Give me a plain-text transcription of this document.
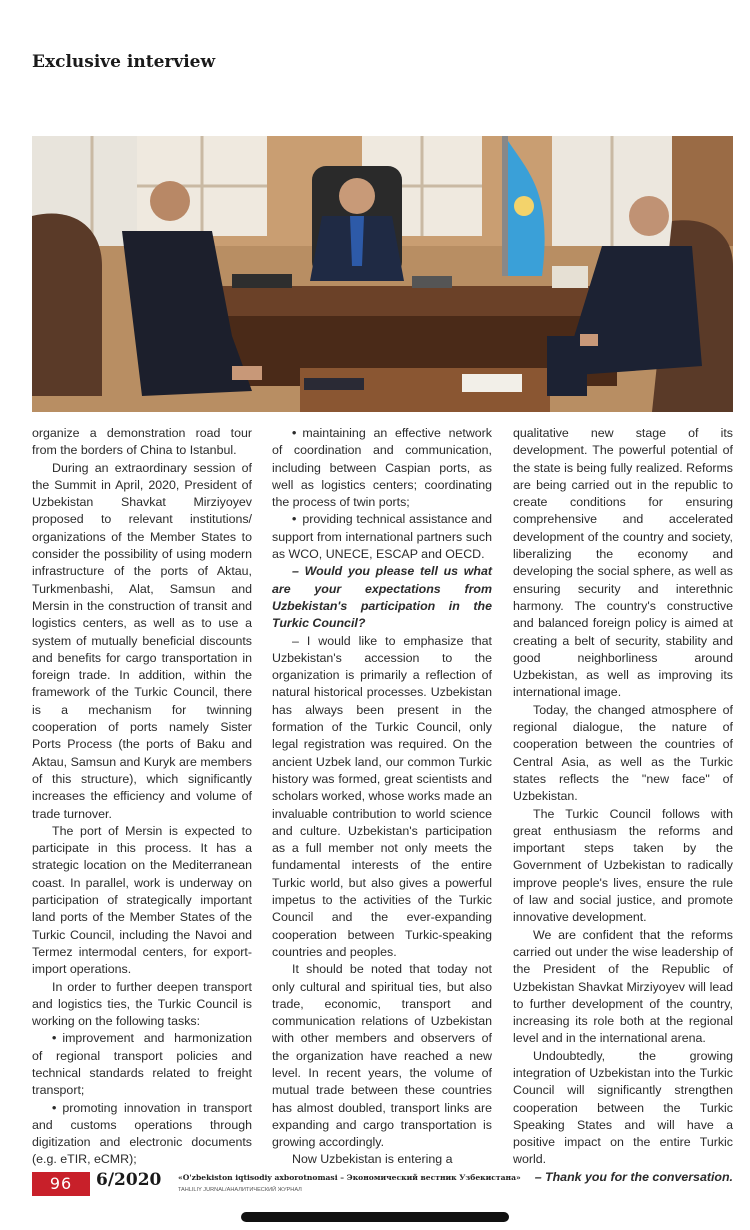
Exclusive interview

organize a demonstration road tour from the borders of China to Istanbul.

During an extraordinary session of the Summit in April, 2020, President of Uzbekistan Shavkat Mirziyoyev proposed to relevant institutions/ organizations of the Member States to consider the possibility of using modern infrastructure of the ports of Aktau, Turkmenbashi, Alat, Samsun and Mersin in the construction of transit and logistics centers, as well as to use a system of mutually beneficial discounts and benefits for cargo transportation in foreign trade. In addition, within the framework of the Turkic Council, there is a mechanism for twinning cooperation of ports namely Sister Ports Process (the ports of Baku and Aktau, Samsun and Kuryk are members of this structure), which significantly increases the efficiency and volume of trade turnover.

The port of Mersin is expected to participate in this process. It has a strategic location on the Mediterranean coast. In parallel, work is underway on participation of strategically important land ports of the Member States of the Turkic Council, including the Navoi and Termez intermodal centers, for export-import operations.

In order to further deepen transport and logistics ties, the Turkic Council is working on the following tasks:

• improvement and harmonization of regional transport policies and technical standards related to freight transport;

• promoting innovation in transport and customs operations through digitization and electronic documents (e.g. eTIR, eCMR);

• maintaining an effective network of coordination and communication, including between Caspian ports, as well as logistics centers; coordinating the process of twin ports;

• providing technical assistance and support from international partners such as WCO, UNECE, ESCAP and OECD.

– Would you please tell us what are your expectations from Uzbekistan's participation in the Turkic Council?

– I would like to emphasize that Uzbekistan's accession to the organization is primarily a reflection of natural historical processes. Uzbekistan has always been present in the formation of the Turkic Council, only legal registration was required. On the ancient Uzbek land, our common Turkic history was formed, great scientists and scholars worked, whose works made an invaluable contribution to world science and culture. Uzbekistan's participation as a full member not only meets the fundamental interests of the entire Turkic world, but also gives a powerful impetus to the activities of the Turkic Council and the ever-expanding cooperation between Turkic-speaking countries and peoples.

It should be noted that today not only cultural and spiritual ties, but also trade, economic, transport and communication relations of Uzbekistan with other members and observers of the organization have reached a new level. In recent years, the volume of mutual trade between these countries has almost doubled, transport links are expanding and cargo transportation is growing accordingly.

Now Uzbekistan is entering a

qualitative new stage of its development. The powerful potential of the state is being fully realized. Reforms are being carried out in the republic to create conditions for ensuring comprehensive and accelerated development of the country and society, liberalizing the economy and developing the social sphere, as well as ensuring security and interethnic harmony. The country's constructive and balanced foreign policy is aimed at creating a belt of security, stability and good neighborliness around Uzbekistan, as well as improving its international image.

Today, the changed atmosphere of regional dialogue, the nature of cooperation between the countries of Central Asia, as well as the Turkic states reflects the "new face" of Uzbekistan.

The Turkic Council follows with great enthusiasm the reforms and important steps taken by the Government of Uzbekistan to radically improve people's lives, ensure the rule of law and social justice, and promote innovative development.

We are confident that the reforms carried out under the wise leadership of the President of the Republic of Uzbekistan Shavkat Mirziyoyev will lead to further development of the country, increasing its role both at the regional level and in the international arena.

Undoubtedly, the growing integration of Uzbekistan into the Turkic Council will significantly strengthen cooperation between the Turkic Speaking States and will have a positive impact on the entire Turkic world.

– Thank you for the conversation.

96	6/2020 «O'zbekiston iqtisodiy axborotnomasi – Экономический вестник Узбекистана»
TAHLILIY JURNAL/АНАЛИТИЧЕСКИЙ ЖУРНАЛ
